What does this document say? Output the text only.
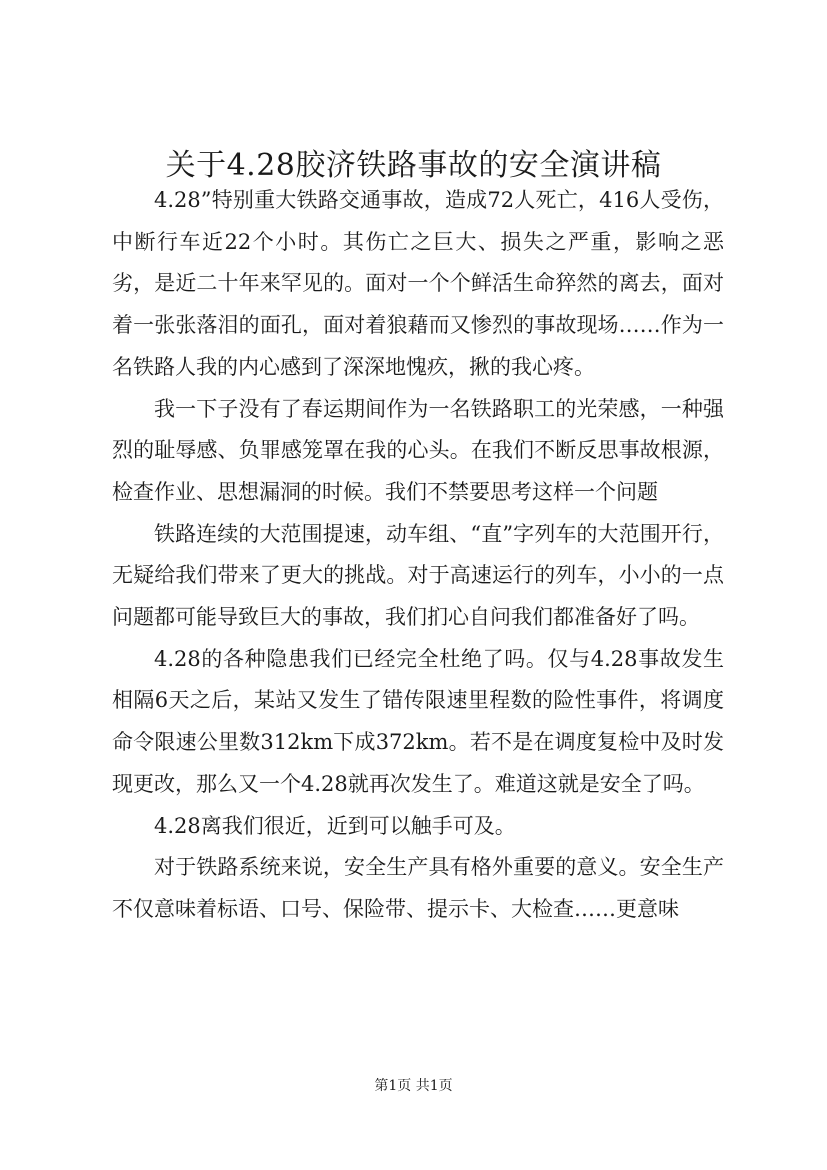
关于4.28胶济铁路事故的安全演讲稿

4.28”特别重大铁路交通事故，造成72人死亡，416人受伤，中断行车近22个小时。其伤亡之巨大、损失之严重，影响之恶劣，是近二十年来罕见的。面对一个个鲜活生命猝然的离去，面对着一张张落泪的面孔，面对着狼藉而又惨烈的事故现场……作为一名铁路人我的内心感到了深深地愧疚，揪的我心疼。

我一下子没有了春运期间作为一名铁路职工的光荣感，一种强烈的耻辱感、负罪感笼罩在我的心头。在我们不断反思事故根源，检查作业、思想漏洞的时候。我们不禁要思考这样一个问题

铁路连续的大范围提速，动车组、“直”字列车的大范围开行，无疑给我们带来了更大的挑战。对于高速运行的列车，小小的一点问题都可能导致巨大的事故，我们扪心自问我们都准备好了吗。

4.28的各种隐患我们已经完全杜绝了吗。仅与4.28事故发生相隔6天之后，某站又发生了错传限速里程数的险性事件，将调度命令限速公里数312km下成372km。若不是在调度复检中及时发现更改，那么又一个4.28就再次发生了。难道这就是安全了吗。

4.28离我们很近，近到可以触手可及。

对于铁路系统来说，安全生产具有格外重要的意义。安全生产不仅意味着标语、口号、保险带、提示卡、大检查……更意味

第1页 共1页
